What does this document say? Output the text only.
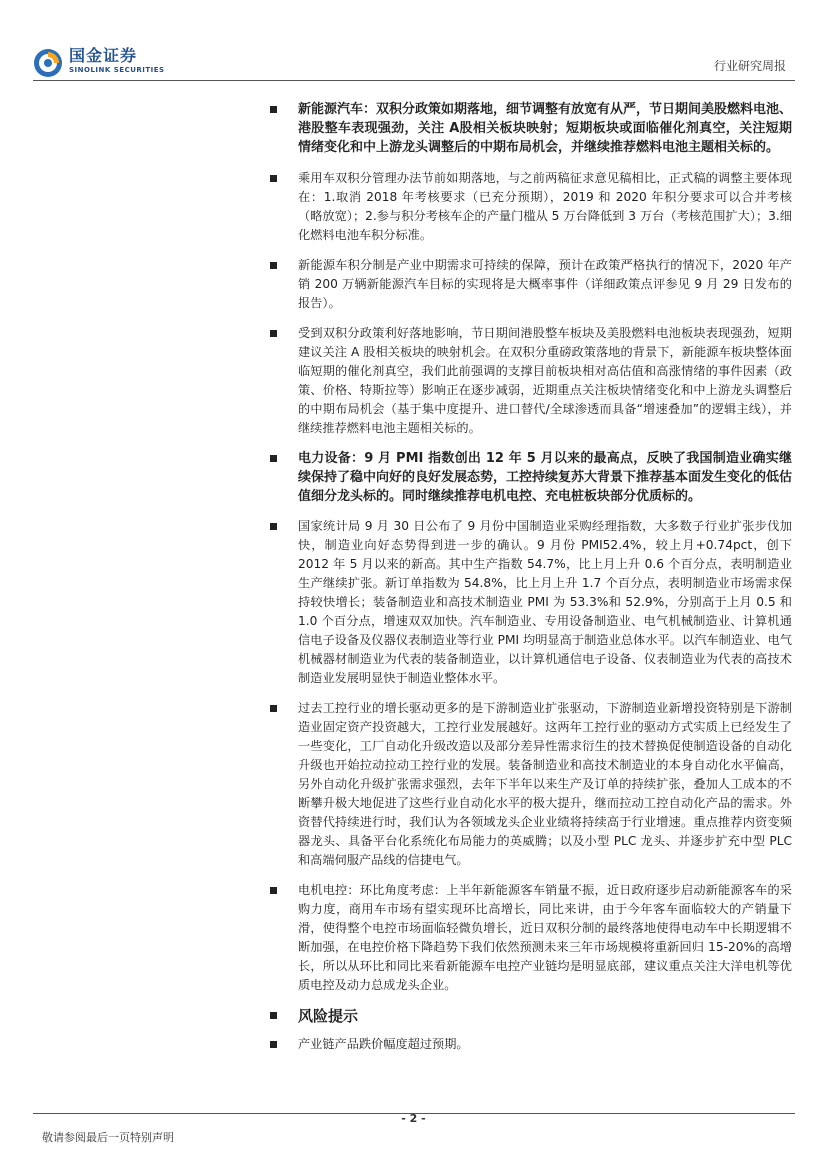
国金证券
SINOLINK SECURITIES	行业研究周报
新能源汽车：双积分政策如期落地，细节调整有放宽有从严，节日期间美股燃料电池、港股整车表现强劲，关注 A股相关板块映射；短期板块或面临催化剂真空，关注短期情绪变化和中上游龙头调整后的中期布局机会，并继续推荐燃料电池主题相关标的。
乘用车双积分管理办法节前如期落地，与之前两稿征求意见稿相比，正式稿的调整主要体现在：1.取消 2018 年考核要求（已充分预期），2019 和 2020 年积分要求可以合并考核（略放宽）；2.参与积分考核车企的产量门槛从 5 万台降低到 3 万台（考核范围扩大）；3.细化燃料电池车积分标准。
新能源车积分制是产业中期需求可持续的保障，预计在政策严格执行的情况下，2020 年产销 200 万辆新能源汽车目标的实现将是大概率事件（详细政策点评参见 9 月 29 日发布的报告）。
受到双积分政策利好落地影响，节日期间港股整车板块及美股燃料电池板块表现强劲，短期建议关注 A 股相关板块的映射机会。在双积分重磅政策落地的背景下，新能源车板块整体面临短期的催化剂真空，我们此前强调的支撑目前板块相对高估值和高涨情绪的事件因素（政策、价格、特斯拉等）影响正在逐步减弱，近期重点关注板块情绪变化和中上游龙头调整后的中期布局机会（基于集中度提升、进口替代/全球渗透而具备“增速叠加”的逻辑主线），并继续推荐燃料电池主题相关标的。
电力设备：9 月 PMI 指数创出 12 年 5 月以来的最高点，反映了我国制造业确实继续保持了稳中向好的良好发展态势，工控持续复苏大背景下推荐基本面发生变化的低估值细分龙头标的。同时继续推荐电机电控、充电桩板块部分优质标的。
国家统计局 9 月 30 日公布了 9 月份中国制造业采购经理指数，大多数子行业扩张步伐加快，制造业向好态势得到进一步的确认。9 月份 PMI52.4%，较上月+0.74pct，创下 2012 年 5 月以来的新高。其中生产指数 54.7%，比上月上升 0.6 个百分点，表明制造业生产继续扩张。新订单指数为 54.8%，比上月上升 1.7 个百分点，表明制造业市场需求保持较快增长；装备制造业和高技术制造业 PMI 为 53.3%和 52.9%，分别高于上月 0.5 和 1.0 个百分点，增速双双加快。汽车制造业、专用设备制造业、电气机械制造业、计算机通信电子设备及仪器仪表制造业等行业 PMI 均明显高于制造业总体水平。以汽车制造业、电气机械器材制造业为代表的装备制造业，以计算机通信电子设备、仪表制造业为代表的高技术制造业发展明显快于制造业整体水平。
过去工控行业的增长驱动更多的是下游制造业扩张驱动，下游制造业新增投资特别是下游制造业固定资产投资越大，工控行业发展越好。这两年工控行业的驱动方式实质上已经发生了一些变化，工厂自动化升级改造以及部分差异性需求衍生的技术替换促使制造设备的自动化升级也开始拉动拉动工控行业的发展。装备制造业和高技术制造业的本身自动化水平偏高，另外自动化升级扩张需求强烈，去年下半年以来生产及订单的持续扩张，叠加人工成本的不断攀升极大地促进了这些行业自动化水平的极大提升，继而拉动工控自动化产品的需求。外资替代持续进行时，我们认为各领域龙头企业业绩将持续高于行业增速。重点推荐内资变频器龙头、具备平台化系统化布局能力的英威腾；以及小型 PLC 龙头、并逐步扩充中型 PLC 和高端伺服产品线的信捷电气。
电机电控：环比角度考虑：上半年新能源客车销量不振，近日政府逐步启动新能源客车的采购力度，商用车市场有望实现环比高增长，同比来讲，由于今年客车面临较大的产销量下滑，使得整个电控市场面临轻微负增长，近日双积分制的最终落地使得电动车中长期逻辑不断加强，在电控价格下降趋势下我们依然预测未来三年市场规模将重新回归 15-20%的高增长，所以从环比和同比来看新能源车电控产业链均是明显底部，建议重点关注大洋电机等优质电控及动力总成龙头企业。
风险提示
产业链产品跌价幅度超过预期。
- 2 -
敬请参阅最后一页特别声明
